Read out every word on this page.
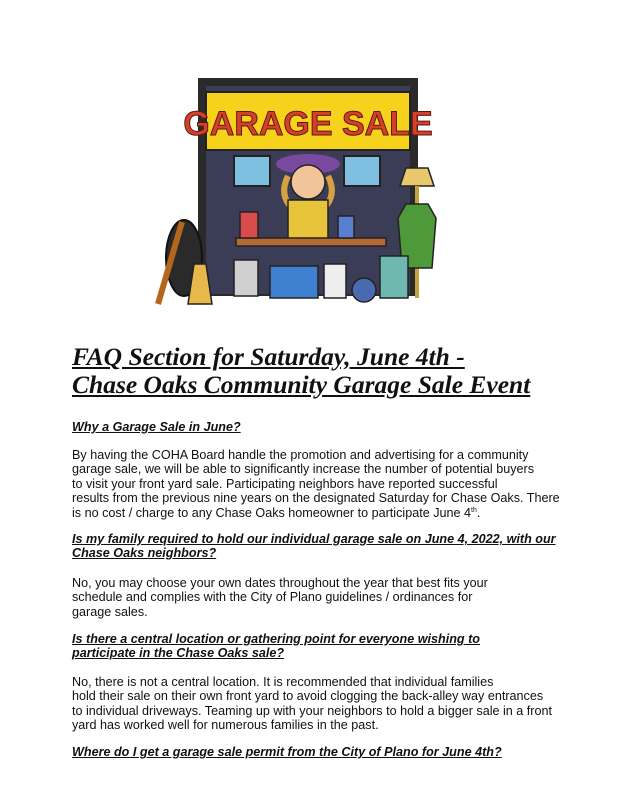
GARAGE SALE
FAQ Section for Saturday, June 4th -
Chase Oaks Community Garage Sale Event

Why a Garage Sale in June?

By having the COHA Board handle the promotion and advertising for a community
garage sale, we will be able to significantly increase the number of potential buyers
to visit your front yard sale. Participating neighbors have reported successful
results from the previous nine years on the designated Saturday for Chase Oaks. There
is no cost / charge to any Chase Oaks homeowner to participate June 4th.

Is my family required to hold our individual garage sale on June 4, 2022, with our
Chase Oaks neighbors?

No, you may choose your own dates throughout the year that best fits your
schedule and complies with the City of Plano guidelines / ordinances for
garage sales.

Is there a central location or gathering point for everyone wishing to
participate in the Chase Oaks sale?

No, there is not a central location. It is recommended that individual families
hold their sale on their own front yard to avoid clogging the back-alley way entrances
to individual driveways. Teaming up with your neighbors to hold a bigger sale in a front
yard has worked well for numerous families in the past.

Where do I get a garage sale permit from the City of Plano for June 4th?
